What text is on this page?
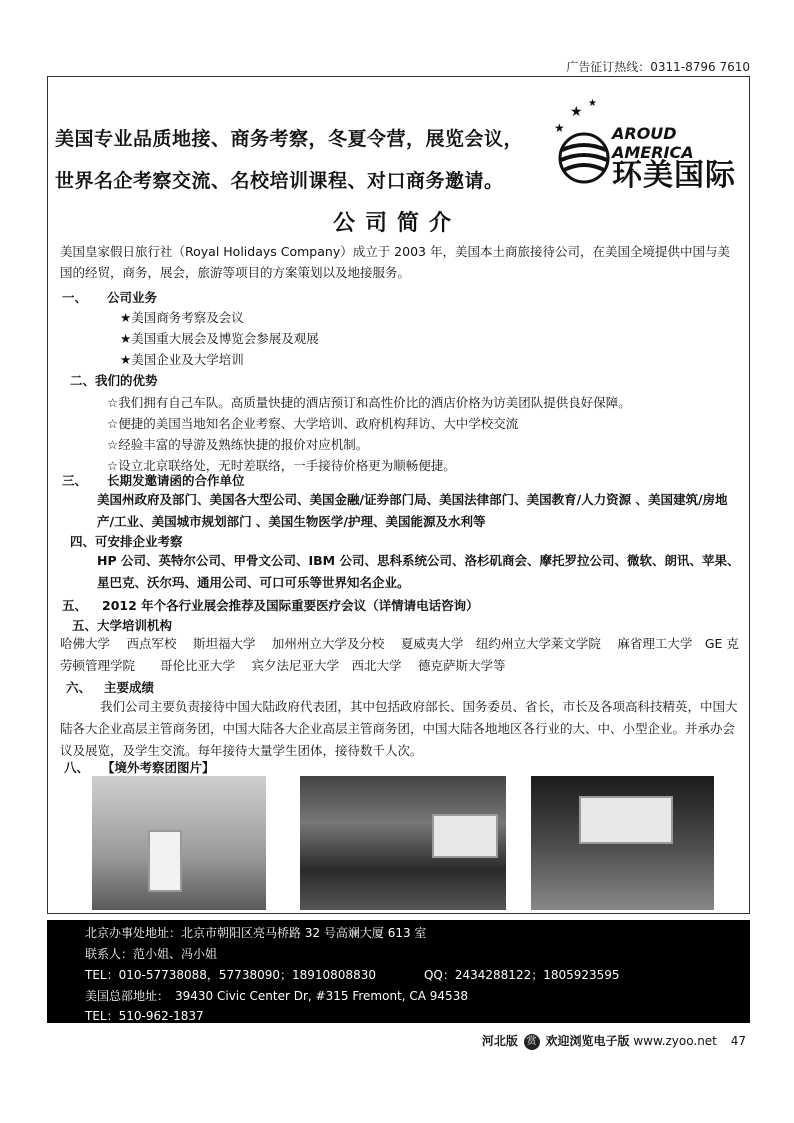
广告征订热线：0311-8796 7610
美国专业品质地接、商务考察，冬夏令营，展览会议，
世界名企考察交流、名校培训课程、对口商务邀请。
★
★
★
AROUD AMERICA
环美国际
公司简介
美国皇家假日旅行社（Royal Holidays Company）成立于 2003 年，美国本土商旅接待公司，在美国全境提供中国与美国的经贸，商务，展会，旅游等项目的方案策划以及地接服务。
一、 公司业务
★美国商务考察及会议
★美国重大展会及博览会参展及观展
★美国企业及大学培训
二、我们的优势
☆我们拥有自己车队。高质量快捷的酒店预订和高性价比的酒店价格为访美团队提供良好保障。
☆便捷的美国当地知名企业考察、大学培训、政府机构拜访、大中学校交流
☆经验丰富的导游及熟练快捷的报价对应机制。
☆设立北京联络处，无时差联络，一手接待价格更为顺畅便捷。
三、 长期发邀请函的合作单位
美国州政府及部门、美国各大型公司、美国金融/证券部门局、美国法律部门、美国教育/人力资源 、美国建筑/房地产/工业、美国城市规划部门 、美国生物医学/护理、美国能源及水利等
四、可安排企业考察
HP 公司、英特尔公司、甲骨文公司、IBM 公司、思科系统公司、洛杉矶商会、摩托罗拉公司、微软、朗讯、苹果、星巴克、沃尔玛、通用公司、可口可乐等世界知名企业。
五、 2012 年个各行业展会推荐及国际重要医疗会议（详情请电话咨询）
五、大学培训机构
哈佛大学　 西点军校　 斯坦福大学　 加州州立大学及分校　 夏威夷大学　纽约州立大学莱文学院　 麻省理工大学　GE 克劳顿管理学院　　哥伦比亚大学　 宾夕法尼亚大学　西北大学　 德克萨斯大学等
六、 主要成绩
我们公司主要负责接待中国大陆政府代表团，其中包括政府部长、国务委员、省长，市长及各项高科技精英，中国大陆各大企业高层主管商务团，中国大陆各大企业高层主管商务团，中国大陆各地地区各行业的大、中、小型企业。并承办会议及展览，及学生交流。每年接待大量学生团体，接待数千人次。
八、 【境外考察团图片】
北京办事处地址：北京市朝阳区亮马桥路 32 号高斓大厦 613 室
联系人：范小姐、冯小姐
TEL：010-57738088，57738090；18910808830　　　　QQ：2434288122；1805923595
美国总部地址：　39430 Civic Center Dr, #315 Fremont, CA 94538
TEL：510-962-1837
河北版 赏 欢迎浏览电子版 www.zyoo.net 47
